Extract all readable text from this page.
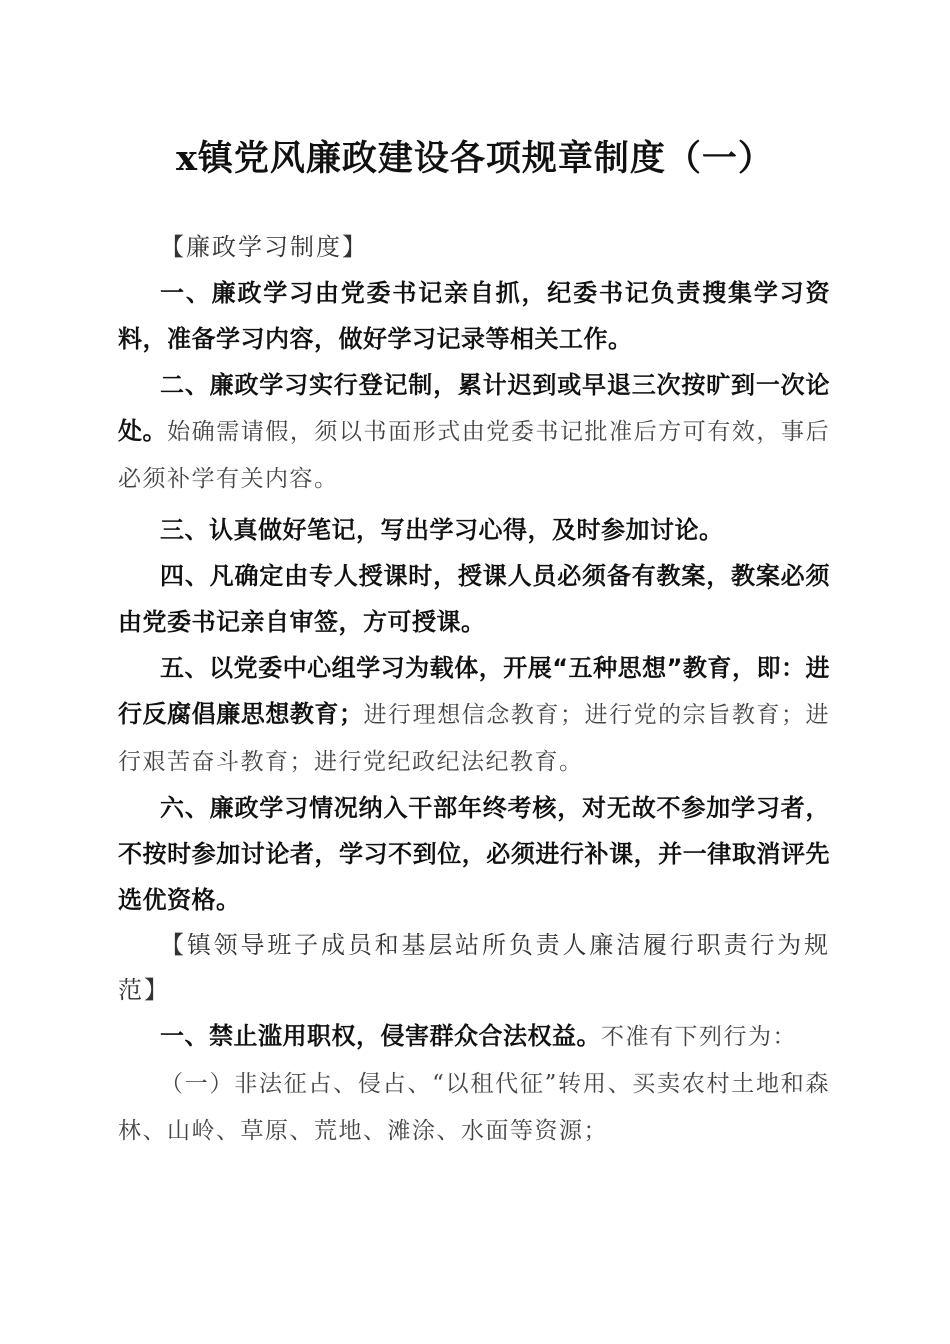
x镇党风廉政建设各项规章制度（一）

【廉政学习制度】

一、廉政学习由党委书记亲自抓，纪委书记负责搜集学习资料，准备学习内容，做好学习记录等相关工作。

二、廉政学习实行登记制，累计迟到或早退三次按旷到一次论处。始确需请假，须以书面形式由党委书记批准后方可有效，事后必须补学有关内容。

三、认真做好笔记，写出学习心得，及时参加讨论。

四、凡确定由专人授课时，授课人员必须备有教案，教案必须由党委书记亲自审签，方可授课。

五、以党委中心组学习为载体，开展“五种思想”教育，即：进行反腐倡廉思想教育；进行理想信念教育；进行党的宗旨教育；进行艰苦奋斗教育；进行党纪政纪法纪教育。

六、廉政学习情况纳入干部年终考核，对无故不参加学习者，不按时参加讨论者，学习不到位，必须进行补课，并一律取消评先选优资格。

【镇领导班子成员和基层站所负责人廉洁履行职责行为规范】

一、禁止滥用职权，侵害群众合法权益。不准有下列行为：

（一）非法征占、侵占、“以租代征”转用、买卖农村土地和森林、山岭、草原、荒地、滩涂、水面等资源；
